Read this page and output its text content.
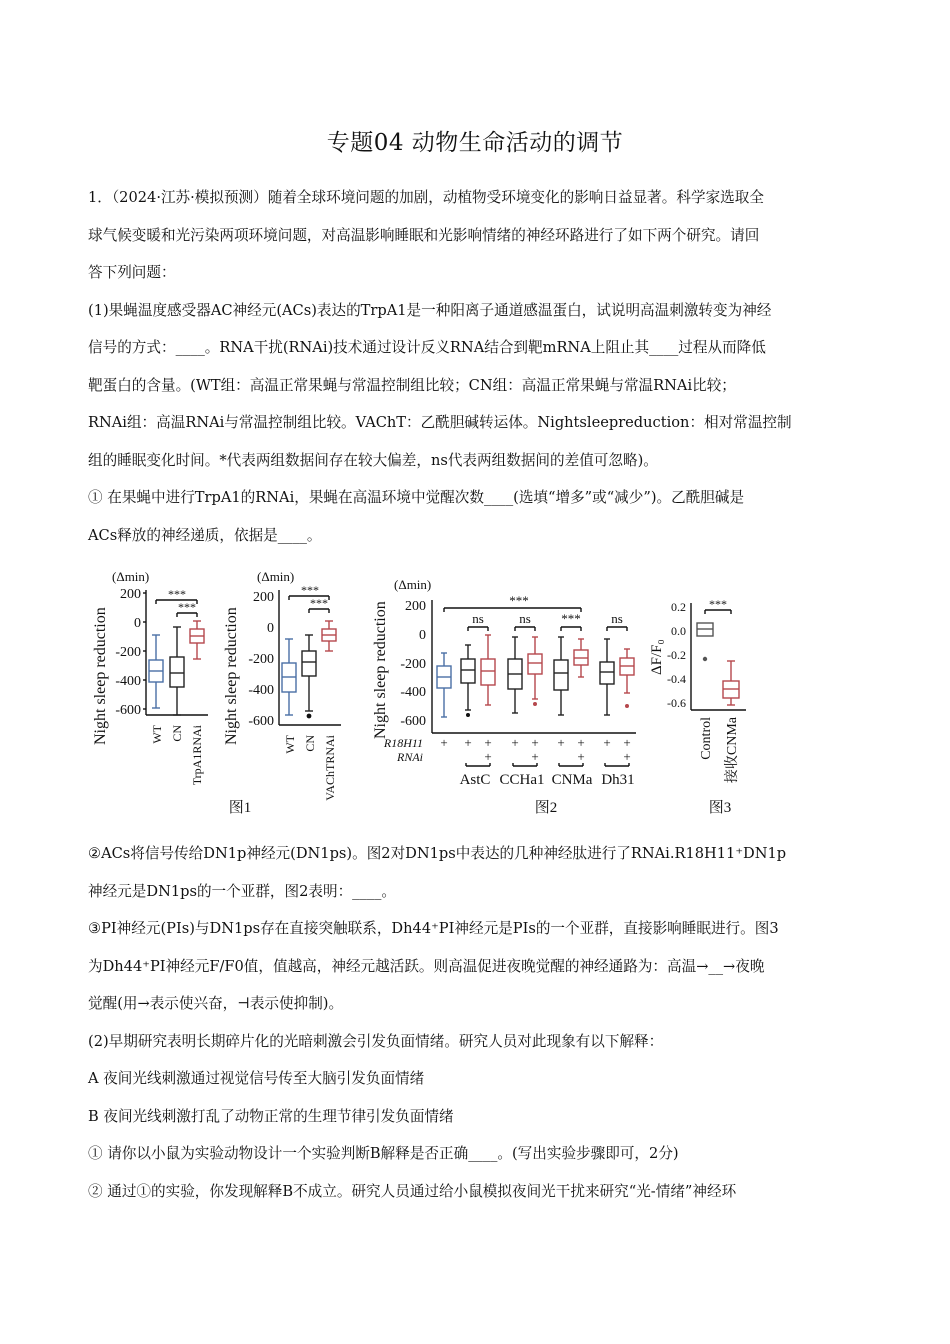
专题04 动物生命活动的调节
1．（2024·江苏·模拟预测）随着全球环境问题的加剧，动植物受环境变化的影响日益显著。科学家选取全
球气候变暖和光污染两项环境问题，对高温影响睡眠和光影响情绪的神经环路进行了如下两个研究。请回
答下列问题：
(1)果蝇温度感受器AC神经元(ACs)表达的TrpA1是一种阳离子通道感温蛋白，试说明高温刺激转变为神经
信号的方式：____。RNA干扰(RNAi)技术通过设计反义RNA结合到靶mRNA上阻止其____过程从而降低
靶蛋白的含量。(WT组：高温正常果蝇与常温控制组比较；CN组：高温正常果蝇与常温RNAi比较；
RNAi组：高温RNAi与常温控制组比较。VAChT：乙酰胆碱转运体。Nightsleepreduction：相对常温控制
组的睡眠变化时间。*代表两组数据间存在较大偏差，ns代表两组数据间的差值可忽略)。
① 在果蝇中进行TrpA1的RNAi，果蝇在高温环境中觉醒次数____(选填“增多”或“减少”)。乙酰胆碱是
ACs释放的神经递质，依据是____。
(Δmin)
Night sleep reduction
200
0
-200
-400
-600
***
***
WT CN TrpA1RNAi
(Δmin)
Night sleep reduction
200
0
-200
-400
-600
***
***
WT CN VAChTRNAi
图1
(Δmin)
Night sleep reduction 200
0
-200
-400
-600
***
ns	ns *** ns
R18H11
RNAi
+ + + + + + + + +
+	+	+	+
AstC CCHa1 CNMa Dh31
图2
ΔF/F₀
0.2
0.0
-0.2
-0.4
-0.6
***
Control 接收CNMa
图3
②ACs将信号传给DN1p神经元(DN1ps)。图2对DN1ps中表达的几种神经肽进行了RNAi.R18H11⁺DN1p
神经元是DN1ps的一个亚群，图2表明：____。
③PI神经元(PIs)与DN1ps存在直接突触联系，Dh44⁺PI神经元是PIs的一个亚群，直接影响睡眠进行。图3
为Dh44⁺PI神经元F/F0值，值越高，神经元越活跃。则高温促进夜晚觉醒的神经通路为：高温→__→夜晚
觉醒(用→表示使兴奋，⊣表示使抑制)。
(2)早期研究表明长期碎片化的光暗刺激会引发负面情绪。研究人员对此现象有以下解释：
A 夜间光线刺激通过视觉信号传至大脑引发负面情绪
B 夜间光线刺激打乱了动物正常的生理节律引发负面情绪
① 请你以小鼠为实验动物设计一个实验判断B解释是否正确____。(写出实验步骤即可，2分)
② 通过①的实验，你发现解释B不成立。研究人员通过给小鼠模拟夜间光干扰来研究“光-情绪”神经环
